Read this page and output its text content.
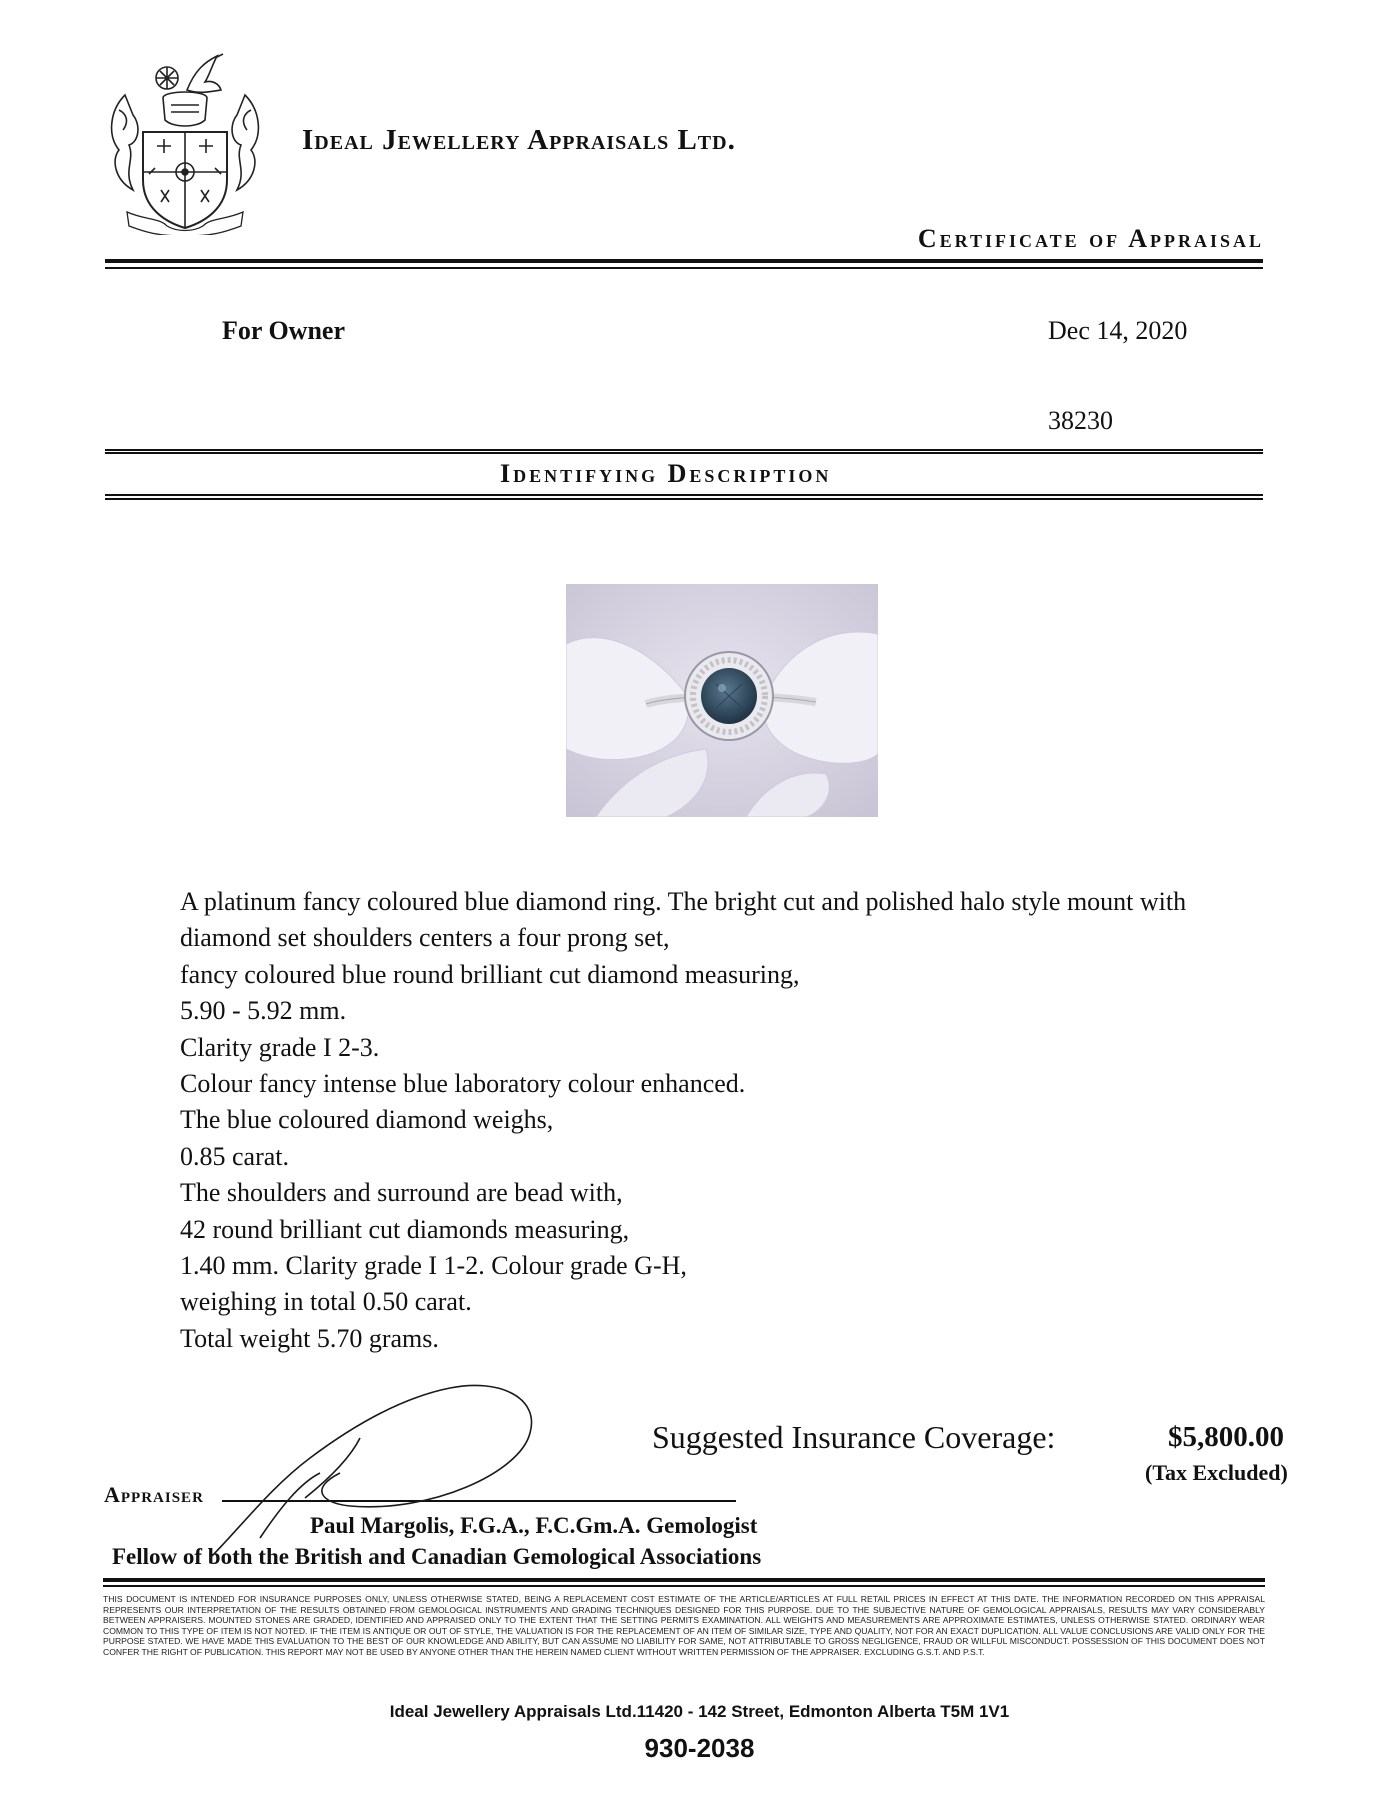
Ideal Jewellery Appraisals Ltd.
Certificate of Appraisal
For Owner	Dec 14, 2020
38230
Identifying Description
A platinum fancy coloured blue diamond ring. The bright cut and polished halo style mount with
diamond set shoulders centers a four prong set,
fancy coloured blue round brilliant cut diamond measuring,
5.90 - 5.92 mm.
Clarity grade I 2-3.
Colour fancy intense blue laboratory colour enhanced.
The blue coloured diamond weighs,
0.85 carat.
The shoulders and surround are bead with,
42 round brilliant cut diamonds measuring,
1.40 mm. Clarity grade I 1-2. Colour grade G-H,
weighing in total 0.50 carat.
Total weight 5.70 grams.
Suggested Insurance Coverage:	$5,800.00
(Tax Excluded)
Appraiser
Paul Margolis, F.G.A., F.C.Gm.A. Gemologist
Fellow of both the British and Canadian Gemological Associations
THIS DOCUMENT IS INTENDED FOR INSURANCE PURPOSES ONLY, UNLESS OTHERWISE STATED, BEING A REPLACEMENT COST ESTIMATE OF THE ARTICLE/ARTICLES AT FULL RETAIL PRICES IN EFFECT AT THIS DATE. THE INFORMATION RECORDED ON THIS APPRAISAL REPRESENTS OUR INTERPRETATION OF THE RESULTS OBTAINED FROM GEMOLOGICAL INSTRUMENTS AND GRADING TECHNIQUES DESIGNED FOR THIS PURPOSE. DUE TO THE SUBJECTIVE NATURE OF GEMOLOGICAL APPRAISALS, RESULTS MAY VARY CONSIDERABLY BETWEEN APPRAISERS. MOUNTED STONES ARE GRADED, IDENTIFIED AND APPRAISED ONLY TO THE EXTENT THAT THE SETTING PERMITS EXAMINATION. ALL WEIGHTS AND MEASUREMENTS ARE APPROXIMATE ESTIMATES, UNLESS OTHERWISE STATED. ORDINARY WEAR COMMON TO THIS TYPE OF ITEM IS NOT NOTED. IF THE ITEM IS ANTIQUE OR OUT OF STYLE, THE VALUATION IS FOR THE REPLACEMENT OF AN ITEM OF SIMILAR SIZE, TYPE AND QUALITY, NOT FOR AN EXACT DUPLICATION. ALL VALUE CONCLUSIONS ARE VALID ONLY FOR THE PURPOSE STATED. WE HAVE MADE THIS EVALUATION TO THE BEST OF OUR KNOWLEDGE AND ABILITY, BUT CAN ASSUME NO LIABILITY FOR SAME, NOT ATTRIBUTABLE TO GROSS NEGLIGENCE, FRAUD OR WILLFUL MISCONDUCT. POSSESSION OF THIS DOCUMENT DOES NOT CONFER THE RIGHT OF PUBLICATION. THIS REPORT MAY NOT BE USED BY ANYONE OTHER THAN THE HEREIN NAMED CLIENT WITHOUT WRITTEN PERMISSION OF THE APPRAISER. EXCLUDING G.S.T. AND P.S.T.
Ideal Jewellery Appraisals Ltd.11420 - 142 Street, Edmonton Alberta T5M 1V1
930-2038
